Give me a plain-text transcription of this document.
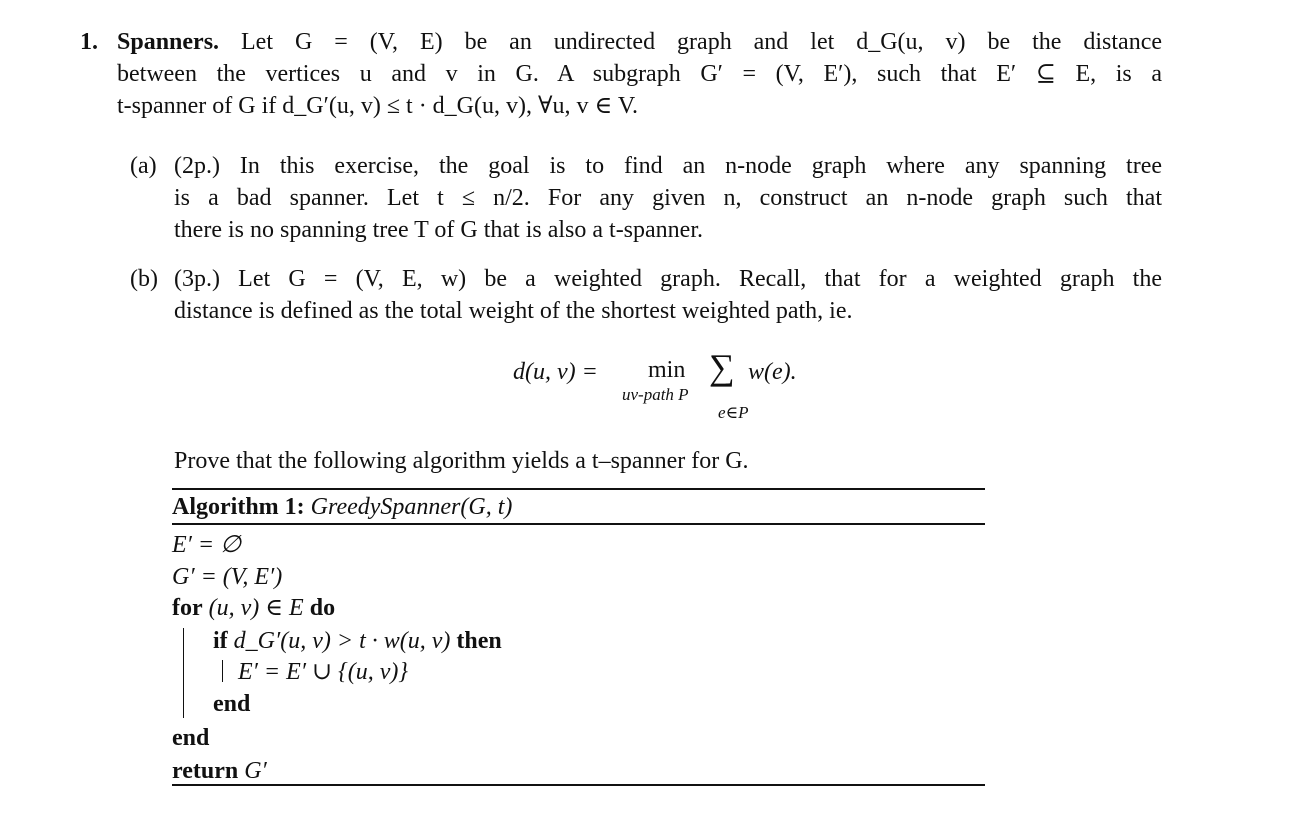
1. Spanners. Let G = (V, E) be an undirected graph and let d_G(u, v) be the distance
between the vertices u and v in G. A subgraph G′ = (V, E′), such that E′ ⊆ E, is a
t-spanner of G if d_G′(u, v) ≤ t · d_G(u, v), ∀u, v ∈ V.
(a) (2p.) In this exercise, the goal is to find an n-node graph where any spanning tree
is a bad spanner. Let t ≤ n/2. For any given n, construct an n-node graph such that
there is no spanning tree T of G that is also a t-spanner.
(b) (3p.) Let G = (V, E, w) be a weighted graph. Recall, that for a weighted graph the
distance is defined as the total weight of the shortest weighted path, ie.
d(u, v) = min
uv-path P
∑
e∈P
w(e).
Prove that the following algorithm yields a t–spanner for G.
Algorithm 1: GreedySpanner(G, t)
E′ = ∅
G′ = (V, E′)
for (u, v) ∈ E do
if d_G′(u, v) > t · w(u, v) then
E′ = E′ ∪ {(u, v)}
end
end
return G′
